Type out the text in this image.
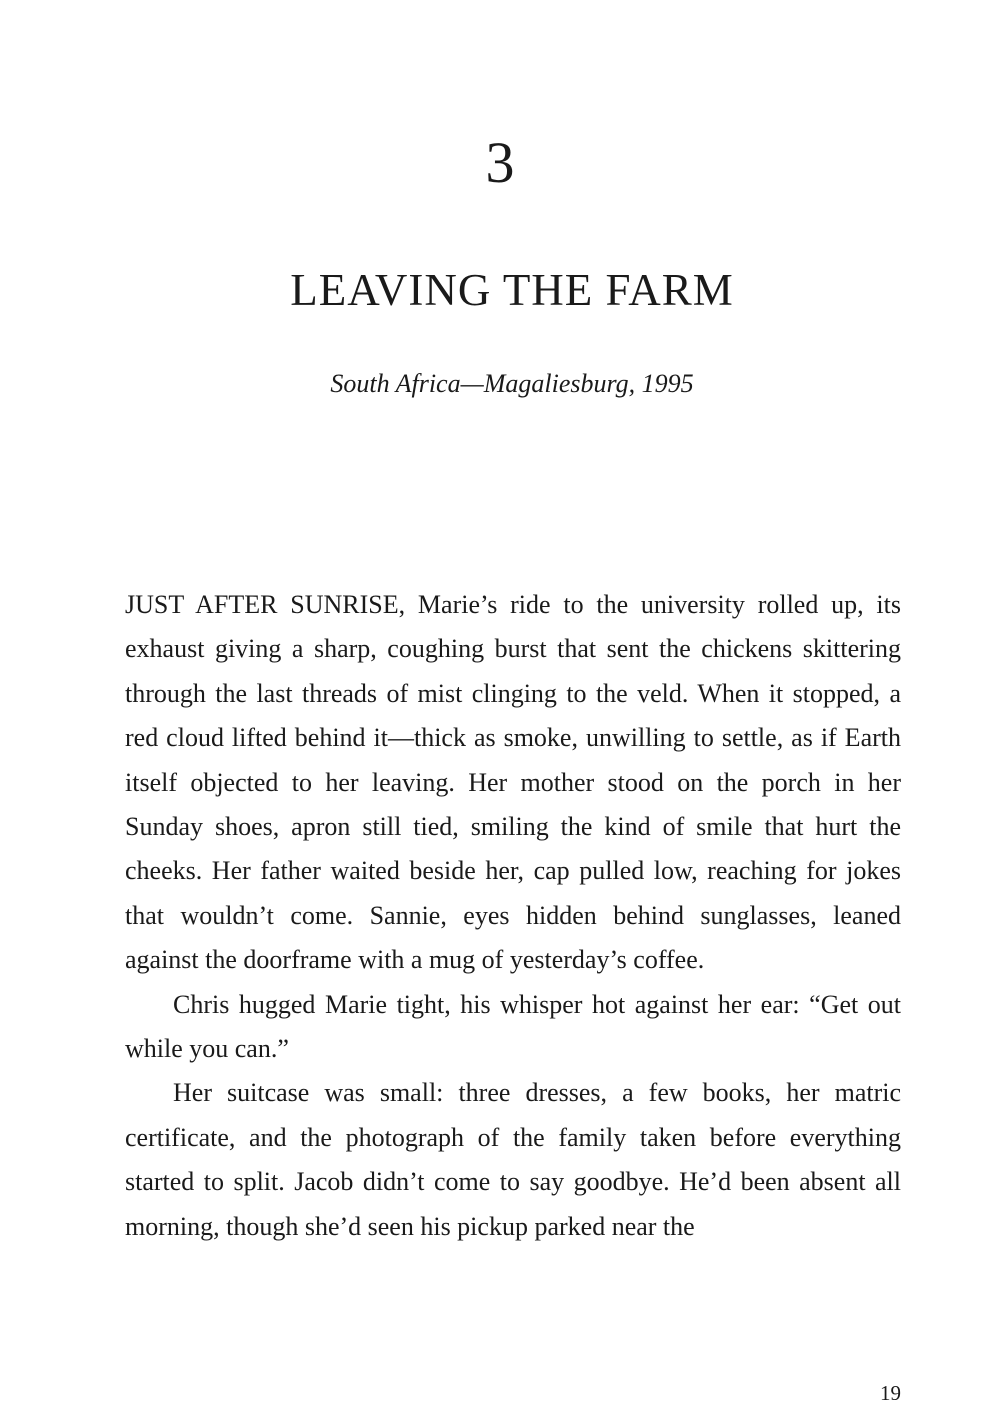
3
LEAVING THE FARM
South Africa—Magaliesburg, 1995

JUST AFTER SUNRISE, Marie’s ride to the university rolled up, its exhaust giving a sharp, coughing burst that sent the chickens skittering through the last threads of mist clinging to the veld. When it stopped, a red cloud lifted behind it—thick as smoke, unwilling to settle, as if Earth itself objected to her leaving. Her mother stood on the porch in her Sunday shoes, apron still tied, smiling the kind of smile that hurt the cheeks. Her father waited beside her, cap pulled low, reaching for jokes that wouldn’t come. Sannie, eyes hidden behind sunglasses, leaned against the doorframe with a mug of yesterday’s coffee.

Chris hugged Marie tight, his whisper hot against her ear: “Get out while you can.”

Her suitcase was small: three dresses, a few books, her matric certificate, and the photograph of the family taken before everything started to split. Jacob didn’t come to say goodbye. He’d been absent all morning, though she’d seen his pickup parked near the

19
